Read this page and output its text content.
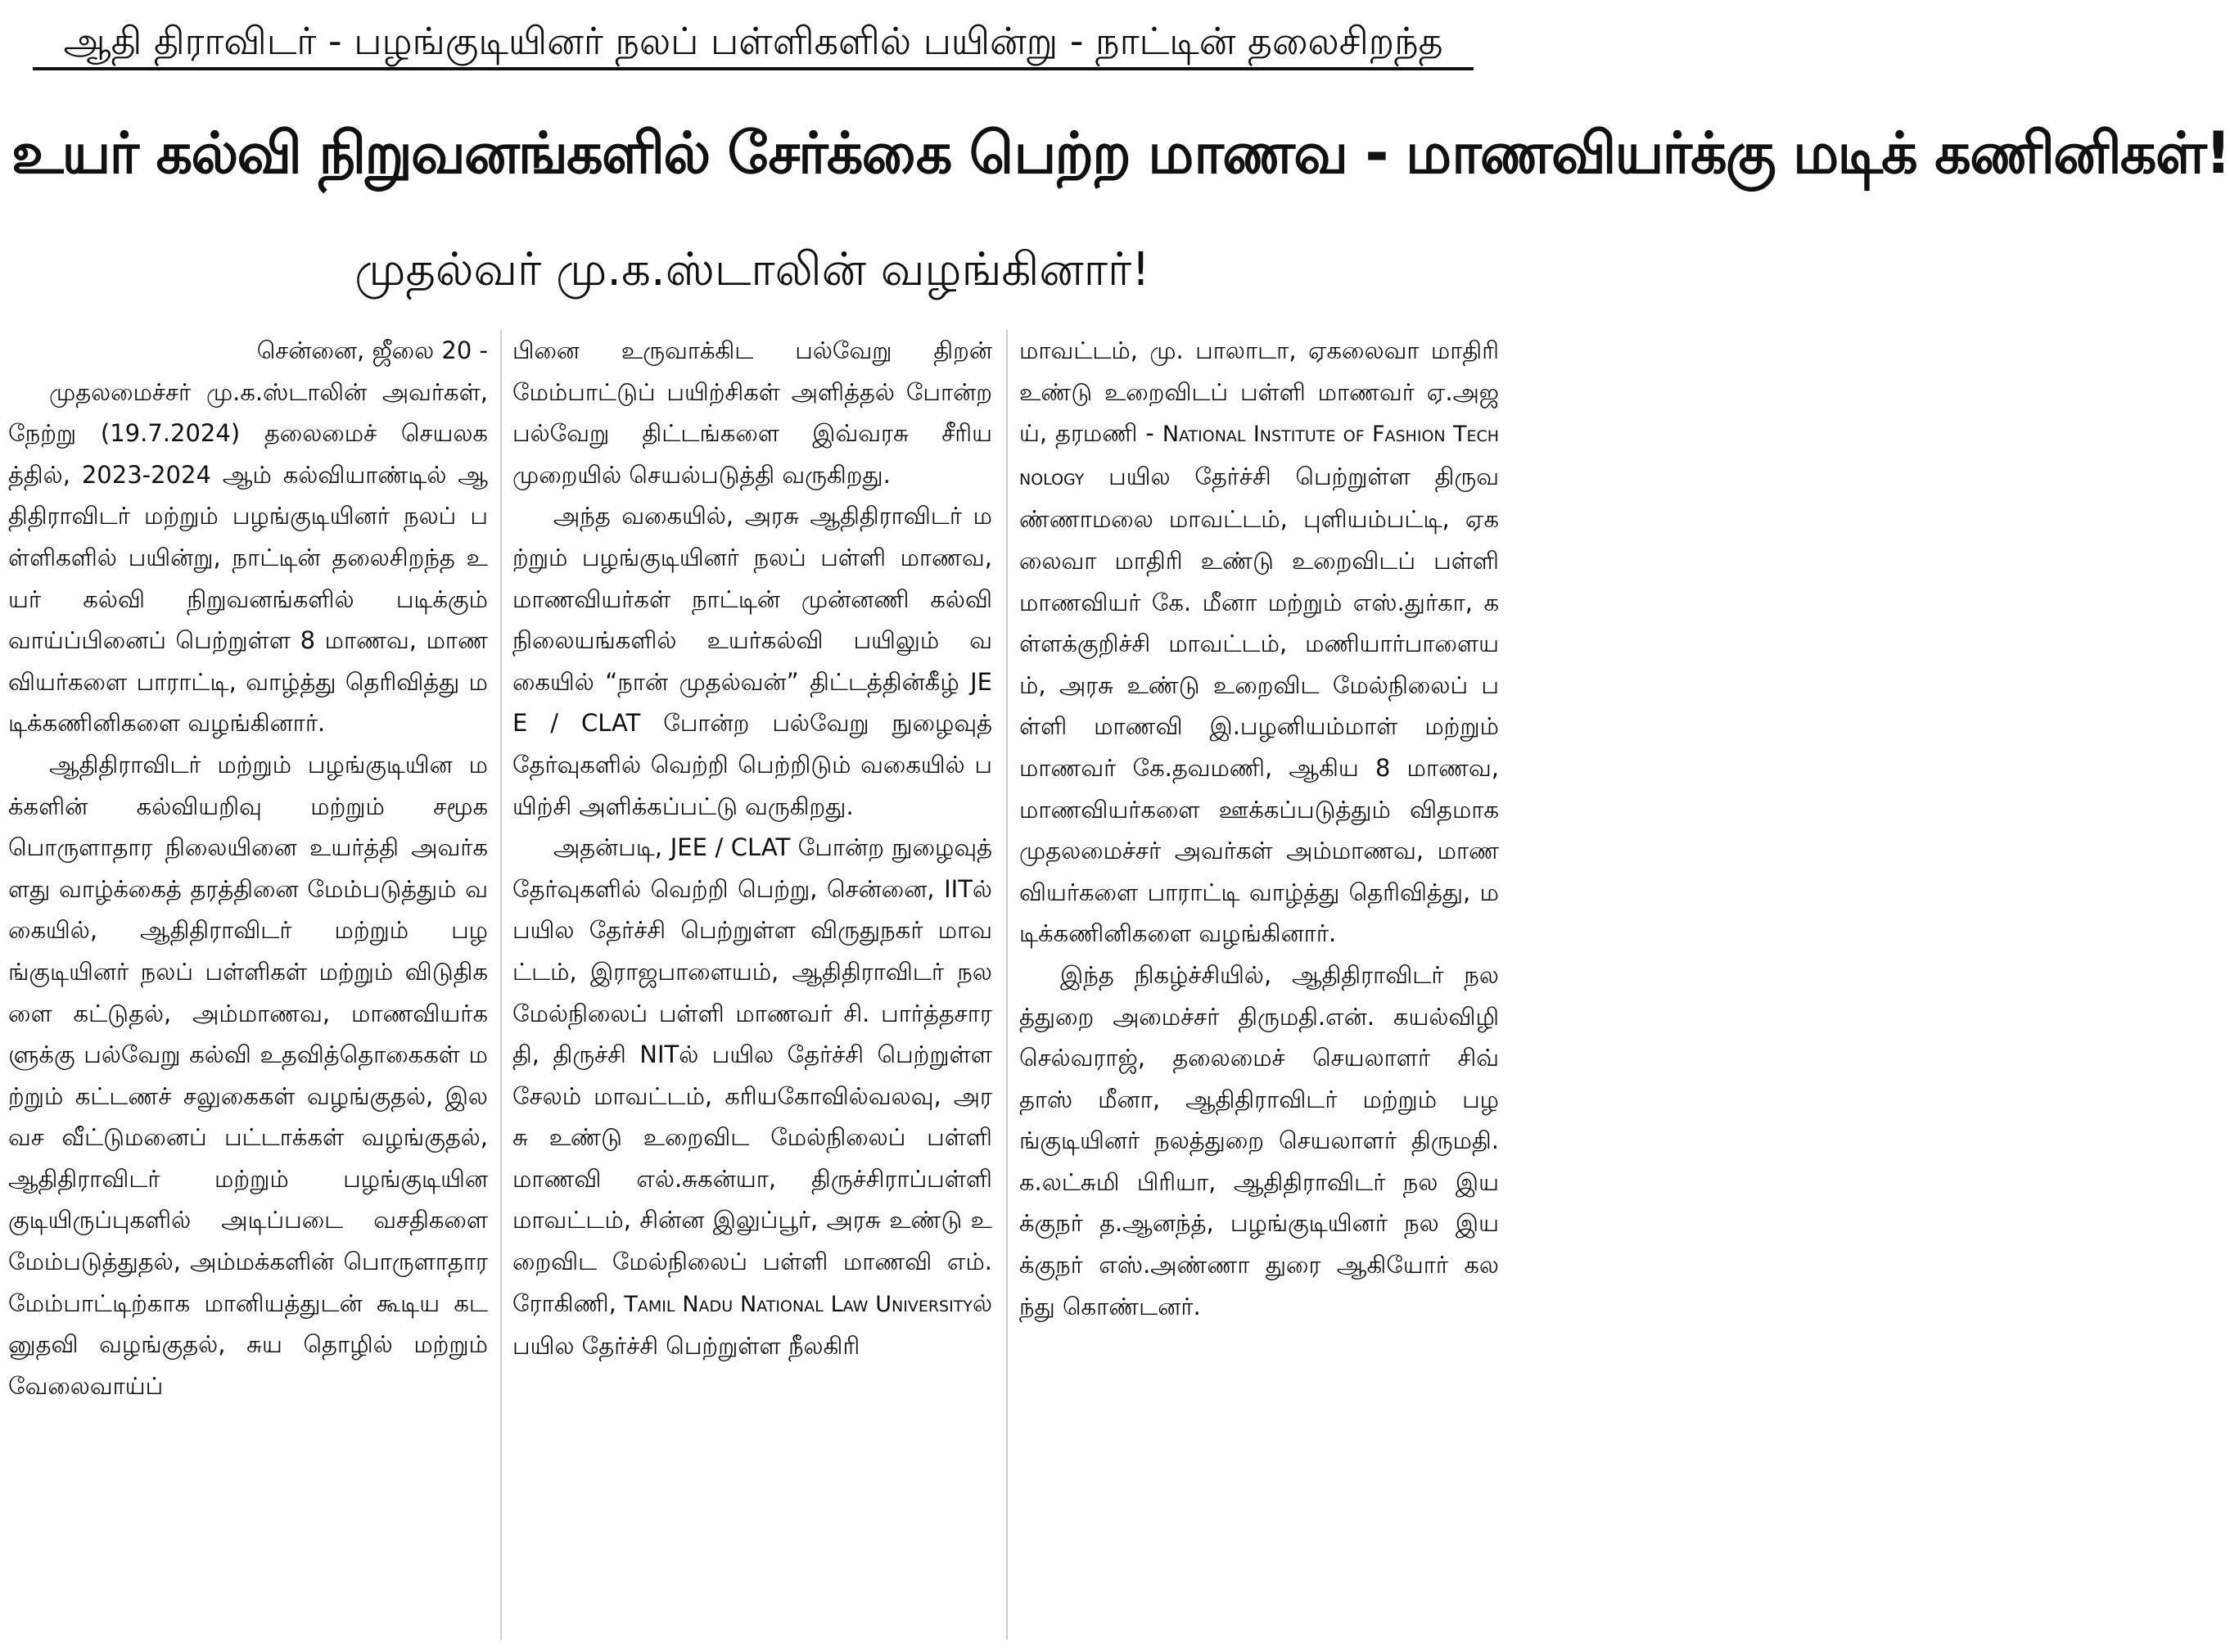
ஆதி திராவிடர் - பழங்குடியினர் நலப் பள்ளிகளில் பயின்று - நாட்டின் தலைசிறந்த
உயர் கல்வி நிறுவனங்களில் சேர்க்கை பெற்ற மாணவ - மாணவியர்க்கு மடிக் கணினிகள்!
முதல்வர் மு.க.ஸ்டாலின் வழங்கினார்!

சென்னை, ஜீலை 20 -

முதலமைச்சர் மு.க.ஸ்டாலின் அவர்கள், நேற்று (19.7.2024) தலைமைச் செயலகத்தில், 2023-2024 ஆம் கல்வியாண்டில் ஆதிதிராவிடர் மற்றும் பழங்குடியினர் நலப் பள்ளிகளில் பயின்று, நாட்டின் தலைசிறந்த உயர் கல்வி நிறுவனங்களில் படிக்கும் வாய்ப்பினைப் பெற்றுள்ள 8 மாணவ, மாணவியர்களை பாராட்டி, வாழ்த்து தெரிவித்து மடிக்கணினிகளை வழங்கினார்.

ஆதிதிராவிடர் மற்றும் பழங்குடியின மக்களின் கல்வியறிவு மற்றும் சமூகபொருளாதார நிலையினை உயர்த்தி அவர்களது வாழ்க்கைத் தரத்தினை மேம்படுத்தும் வகையில், ஆதிதிராவிடர் மற்றும் பழங்குடியினர் நலப் பள்ளிகள் மற்றும் விடுதிகளை கட்டுதல், அம்மாணவ, மாணவியர்களுக்கு பல்வேறு கல்வி உதவித்தொகைகள் மற்றும் கட்டணச் சலுகைகள் வழங்குதல், இலவச வீட்டுமனைப் பட்டாக்கள் வழங்குதல், ஆதிதிராவிடர் மற்றும் பழங்குடியின குடியிருப்புகளில் அடிப்படை வசதிகளை மேம்படுத்துதல், அம்மக்களின் பொருளாதார மேம்பாட்டிற்காக மானியத்துடன் கூடிய கடனுதவி வழங்குதல், சுய தொழில் மற்றும் வேலைவாய்ப்

பினை உருவாக்கிட பல்வேறு திறன் மேம்பாட்டுப் பயிற்சிகள் அளித்தல் போன்ற பல்வேறு திட்டங்களை இவ்வரசு சீரிய முறையில் செயல்படுத்தி வருகிறது.

அந்த வகையில், அரசு ஆதிதிராவிடர் மற்றும் பழங்குடியினர் நலப் பள்ளி மாணவ, மாணவியர்கள் நாட்டின் முன்னணி கல்வி நிலையங்களில் உயர்கல்வி பயிலும் வகையில் “நான் முதல்வன்” திட்டத்தின்கீழ் JEE / CLAT போன்ற பல்வேறு நுழைவுத் தேர்வுகளில் வெற்றி பெற்றிடும் வகையில் பயிற்சி அளிக்கப்பட்டு வருகிறது.

அதன்படி, JEE / CLAT போன்ற நுழைவுத் தேர்வுகளில் வெற்றி பெற்று, சென்னை, IITல் பயில தேர்ச்சி பெற்றுள்ள விருதுநகர் மாவட்டம், இராஜபாளையம், ஆதிதிராவிடர் நல மேல்நிலைப் பள்ளி மாணவர் சி. பார்த்தசாரதி, திருச்சி NITல் பயில தேர்ச்சி பெற்றுள்ள சேலம் மாவட்டம், கரியகோவில்வலவு, அரசு உண்டு உறைவிட மேல்நிலைப் பள்ளி மாணவி எல்.சுகன்யா, திருச்சிராப்பள்ளி மாவட்டம், சின்ன இலுப்பூர், அரசு உண்டு உறைவிட மேல்நிலைப் பள்ளி மாணவி எம். ரோகிணி, Tamil Nadu National Law Universityல் பயில தேர்ச்சி பெற்றுள்ள நீலகிரி

மாவட்டம், மு. பாலாடா, ஏகலைவா மாதிரி உண்டு உறைவிடப் பள்ளி மாணவர் ஏ.அஜய், தரமணி - National Institute of Fashion Technology பயில தேர்ச்சி பெற்றுள்ள திருவண்ணாமலை மாவட்டம், புளியம்பட்டி, ஏகலைவா மாதிரி உண்டு உறைவிடப் பள்ளி மாணவியர் கே. மீனா மற்றும் எஸ்.துர்கா, கள்ளக்குறிச்சி மாவட்டம், மணியார்பாளையம், அரசு உண்டு உறைவிட மேல்நிலைப் பள்ளி மாணவி இ.பழனியம்மாள் மற்றும் மாணவர் கே.தவமணி, ஆகிய 8 மாணவ, மாணவியர்களை ஊக்கப்படுத்தும் விதமாக முதலமைச்சர் அவர்கள் அம்மாணவ, மாணவியர்களை பாராட்டி வாழ்த்து தெரிவித்து, மடிக்கணினிகளை வழங்கினார்.

இந்த நிகழ்ச்சியில், ஆதிதிராவிடர் நலத்துறை அமைச்சர் திருமதி.என். கயல்விழி செல்வராஜ், தலைமைச் செயலாளர் சிவ் தாஸ் மீனா, ஆதிதிராவிடர் மற்றும் பழங்குடியினர் நலத்துறை செயலாளர் திருமதி.க.லட்சுமி பிரியா, ஆதிதிராவிடர் நல இயக்குநர் த.ஆனந்த், பழங்குடியினர் நல இயக்குநர் எஸ்.அண்ணா துரை ஆகியோர் கலந்து கொண்டனர்.
